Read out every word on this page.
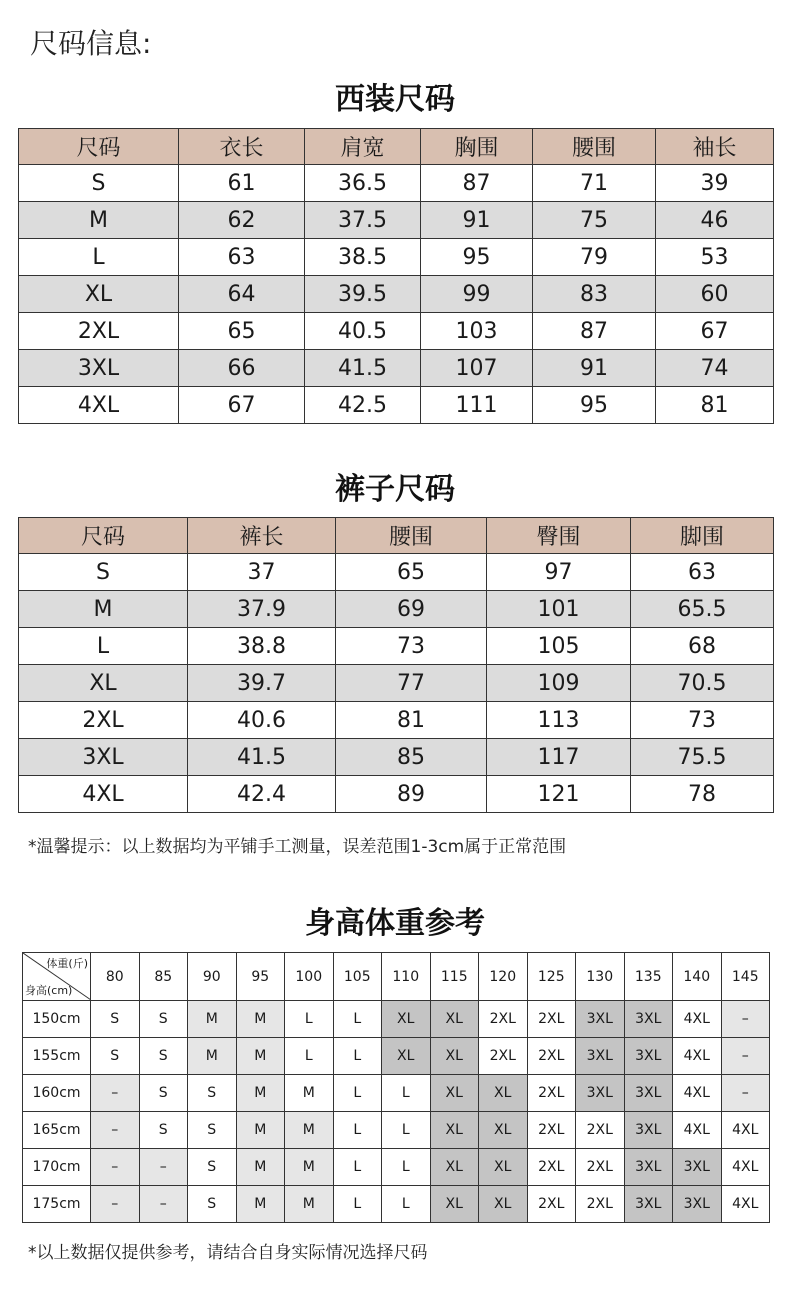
尺码信息:
西装尺码
尺码	衣长	肩宽	胸围	腰围	袖长
S	61	36.5	87	71	39
M	62	37.5	91	75	46
L	63	38.5	95	79	53
XL	64	39.5	99	83	60
2XL	65	40.5	103	87	67
3XL	66	41.5	107	91	74
4XL	67	42.5	111	95	81
裤子尺码
尺码	裤长	腰围	臀围	脚围
S	37	65	97	63
M	37.9	69	101	65.5
L	38.8	73	105	68
XL	39.7	77	109	70.5
2XL	40.6	81	113	73
3XL	41.5	85	117	75.5
4XL	42.4	89	121	78
*温馨提示：以上数据均为平铺手工测量，误差范围1-3cm属于正常范围
身高体重参考
体重(斤)
身高(cm)	80	85	90	95	100	105	110	115	120	125	130	135	140	145
150cm	S	S	M	M	L	L	XL	XL	2XL	2XL	3XL	3XL	4XL	–
155cm	S	S	M	M	L	L	XL	XL	2XL	2XL	3XL	3XL	4XL	–
160cm	–	S	S	M	M	L	L	XL	XL	2XL	3XL	3XL	4XL	–
165cm	–	S	S	M	M	L	L	XL	XL	2XL	2XL	3XL	4XL	4XL
170cm	–	–	S	M	M	L	L	XL	XL	2XL	2XL	3XL	3XL	4XL
175cm	–	–	S	M	M	L	L	XL	XL	2XL	2XL	3XL	3XL	4XL
*以上数据仅提供参考，请结合自身实际情况选择尺码
